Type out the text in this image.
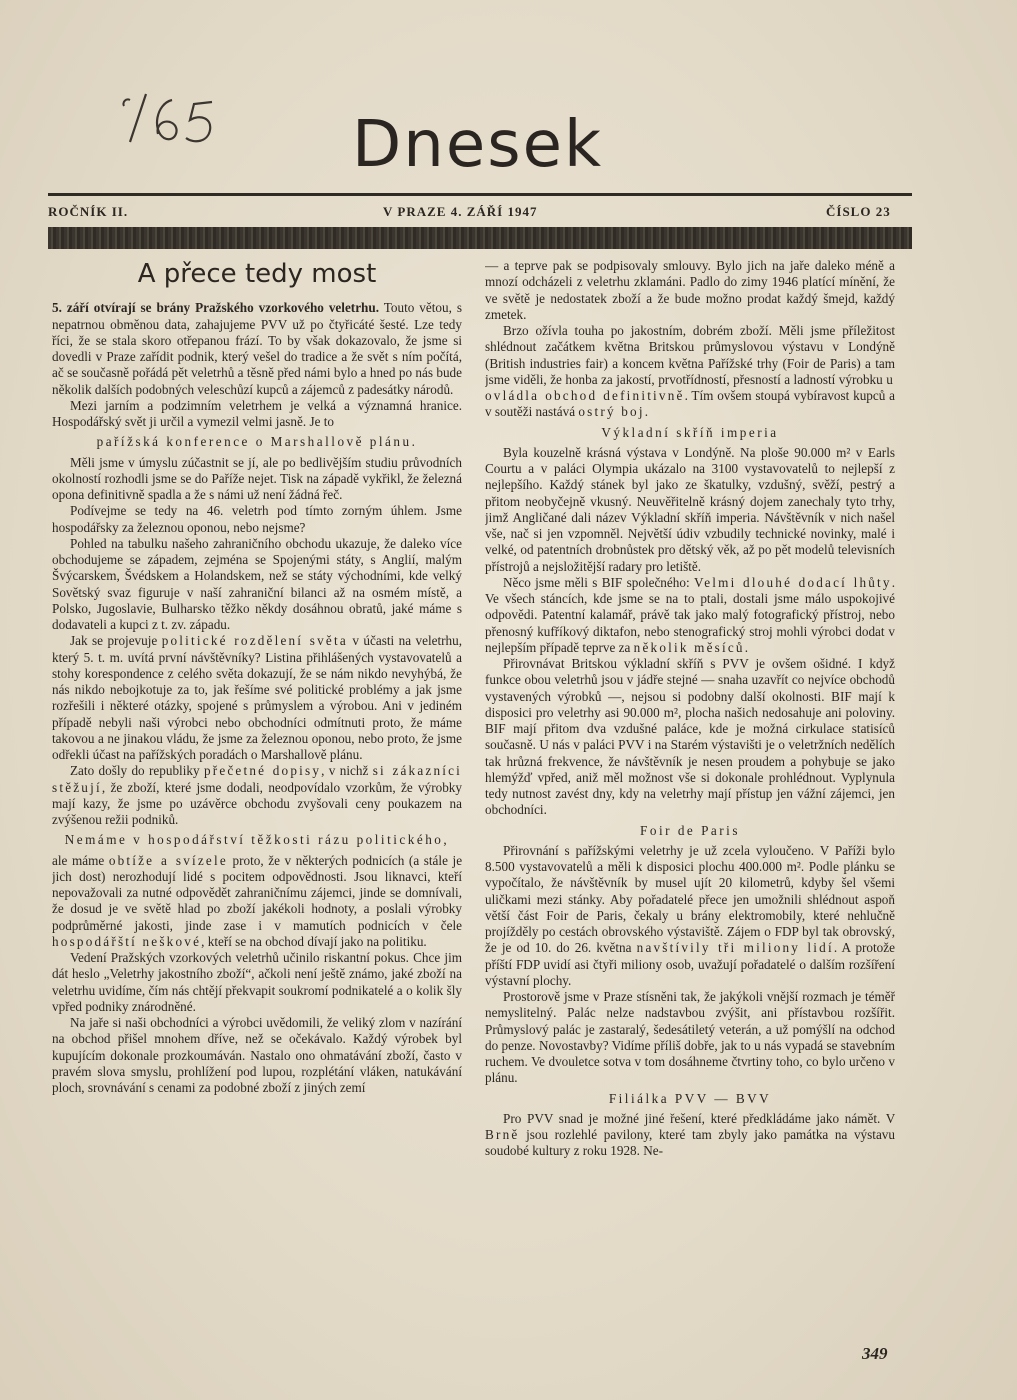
Dnesek
ROČNÍK II.	V PRAZE 4. ZÁŘÍ 1947	ČÍSLO 23
A přece tedy most

5. září otvírají se brány Pražského vzorkového veletrhu. Touto větou, s nepatrnou obměnou data, zahajujeme PVV už po čtyřicáté šesté. Lze tedy říci, že se stala skoro otřepanou frází. To by však dokazovalo, že jsme si dovedli v Praze zařídit podnik, který vešel do tradice a že svět s ním počítá, ač se současně pořádá pět veletrhů a těsně před námi bylo a hned po nás bude několik dalších podobných veleschůzí kupců a zájemců z padesátky národů.

Mezi jarním a podzimním veletrhem je velká a významná hranice. Hospodářský svět ji určil a vymezil velmi jasně. Je to

pařížská konference o Marshallově plánu.

Měli jsme v úmyslu zúčastnit se jí, ale po bedlivějším studiu průvodních okolností rozhodli jsme se do Paříže nejet. Tisk na západě vykřikl, že železná opona definitivně spadla a že s námi už není žádná řeč.

Podívejme se tedy na 46. veletrh pod tímto zorným úhlem. Jsme hospodářsky za železnou oponou, nebo nejsme?

Pohled na tabulku našeho zahraničního obchodu ukazuje, že daleko více obchodujeme se západem, zejména se Spojenými státy, s Anglií, malým Švýcarskem, Švédskem a Holandskem, než se státy východními, kde velký Sovětský svaz figuruje v naší zahraniční bilanci až na osmém místě, a Polsko, Jugoslavie, Bulharsko těžko někdy dosáhnou obratů, jaké máme s dodavateli a kupci z t. zv. západu.

Jak se projevuje politické rozdělení světa v účasti na veletrhu, který 5. t. m. uvítá první návštěvníky? Listina přihlášených vystavovatelů a stohy korespondence z celého světa dokazují, že se nám nikdo nevyhýbá, že nás nikdo nebojkotuje za to, jak řešíme své politické problémy a jak jsme rozřešili i některé otázky, spojené s průmyslem a výrobou. Ani v jediném případě nebyli naši výrobci nebo obchodníci odmítnuti proto, že máme takovou a ne jinakou vládu, že jsme za železnou oponou, nebo proto, že jsme odřekli účast na pařížských poradách o Marshallově plánu.

Zato došly do republiky přečetné dopisy, v nichž si zákazníci stěžují, že zboží, které jsme dodali, neodpovídalo vzorkům, že výrobky mají kazy, že jsme po uzávěrce obchodu zvyšovali ceny poukazem na zvýšenou režii podniků.

Nemáme v hospodářství těžkosti rázu politického,

ale máme obtíže a svízele proto, že v některých podnicích (a stále je jich dost) nerozhodují lidé s pocitem odpovědnosti. Jsou liknavci, kteří nepovažovali za nutné odpovědět zahraničnímu zájemci, jinde se domnívali, že dosud je ve světě hlad po zboží jakékoli hodnoty, a poslali výrobky podprůměrné jakosti, jinde zase i v mamutích podnicích v čele hospodářští neškové, kteří se na obchod dívají jako na politiku.

Vedení Pražských vzorkových veletrhů učinilo riskantní pokus. Chce jim dát heslo „Veletrhy jakostního zboží“, ačkoli není ještě známo, jaké zboží na veletrhu uvidíme, čím nás chtějí překvapit soukromí podnikatelé a o kolik šly vpřed podniky znárodněné.

Na jaře si naši obchodníci a výrobci uvědomili, že veliký zlom v nazírání na obchod přišel mnohem dříve, než se očekávalo. Každý výrobek byl kupujícím dokonale prozkoumáván. Nastalo ono ohmatávání zboží, často v pravém slova smyslu, prohlížení pod lupou, rozplétání vláken, natukávání ploch, srovnávání s cenami za podobné zboží z jiných zemí

— a teprve pak se podpisovaly smlouvy. Bylo jich na jaře daleko méně a mnozí odcházeli z veletrhu zklamáni. Padlo do zimy 1946 platící mínění, že ve světě je nedostatek zboží a že bude možno prodat každý šmejd, každý zmetek.

Brzo ožívla touha po jakostním, dobrém zboží. Měli jsme příležitost shlédnout začátkem května Britskou průmyslovou výstavu v Londýně (British industries fair) a koncem května Pařížské trhy (Foir de Paris) a tam jsme viděli, že honba za jakostí, prvotřídností, přesností a ladností výrobku u ovládla obchod definitivně. Tím ovšem stoupá vybíravost kupců a v soutěži nastává ostrý boj.

Výkladní skříň imperia

Byla kouzelně krásná výstava v Londýně. Na ploše 90.000 m² v Earls Courtu a v paláci Olympia ukázalo na 3100 vystavovatelů to nejlepší z nejlepšího. Každý stánek byl jako ze škatulky, vzdušný, svěží, pestrý a přitom neobyčejně vkusný. Neuvěřitelně krásný dojem zanechaly tyto trhy, jimž Angličané dali název Výkladní skříň imperia. Návštěvník v nich našel vše, nač si jen vzpomněl. Největší údiv vzbudily technické novinky, malé i velké, od patentních drobnůstek pro dětský věk, až po pět modelů televisních přístrojů a nejsložitější radary pro letiště.

Něco jsme měli s BIF společného: Velmi dlouhé dodací lhůty. Ve všech stáncích, kde jsme se na to ptali, dostali jsme málo uspokojivé odpovědi. Patentní kalamář, právě tak jako malý fotografický přístroj, nebo přenosný kufříkový diktafon, nebo stenografický stroj mohli výrobci dodat v nejlepším případě teprve za několik měsíců.

Přirovnávat Britskou výkladní skříň s PVV je ovšem ošidné. I když funkce obou veletrhů jsou v jádře stejné — snaha uzavřít co nejvíce obchodů vystavených výrobků —, nejsou si podobny další okolnosti. BIF mají k disposici pro veletrhy asi 90.000 m², plocha našich nedosahuje ani poloviny. BIF mají přitom dva vzdušné paláce, kde je možná cirkulace statisíců současně. U nás v paláci PVV i na Starém výstavišti je o veletržních nedělích tak hrůzná frekvence, že návštěvník je nesen proudem a pohybuje se jako hlemýžď vpřed, aniž měl možnost vše si dokonale prohlédnout. Vyplynula tedy nutnost zavést dny, kdy na veletrhy mají přístup jen vážní zájemci, jen obchodníci.

Foir de Paris

Přirovnání s pařížskými veletrhy je už zcela vyloučeno. V Paříži bylo 8.500 vystavovatelů a měli k disposici plochu 400.000 m². Podle plánku se vypočítalo, že návštěvník by musel ujít 20 kilometrů, kdyby šel všemi uličkami mezi stánky. Aby pořadatelé přece jen umožnili shlédnout aspoň větší část Foir de Paris, čekaly u brány elektromobily, které nehlučně projížděly po cestách obrovského výstaviště. Zájem o FDP byl tak obrovský, že je od 10. do 26. května navštívily tři miliony lidí. A protože příští FDP uvidí asi čtyři miliony osob, uvažují pořadatelé o dalším rozšíření výstavní plochy.

Prostorově jsme v Praze stísněni tak, že jakýkoli vnější rozmach je téměř nemyslitelný. Palác nelze nadstavbou zvýšit, ani přístavbou rozšířit. Průmyslový palác je zastaralý, šedesátiletý veterán, a už pomýšlí na odchod do penze. Novostavby? Vidíme příliš dobře, jak to u nás vypadá se stavebním ruchem. Ve dvouletce sotva v tom dosáhneme čtvrtiny toho, co bylo určeno v plánu.

Filiálka PVV — BVV

Pro PVV snad je možné jiné řešení, které předkládáme jako námět. V Brně jsou rozlehlé pavilony, které tam zbyly jako památka na výstavu soudobé kultury z roku 1928. Ne-

349
